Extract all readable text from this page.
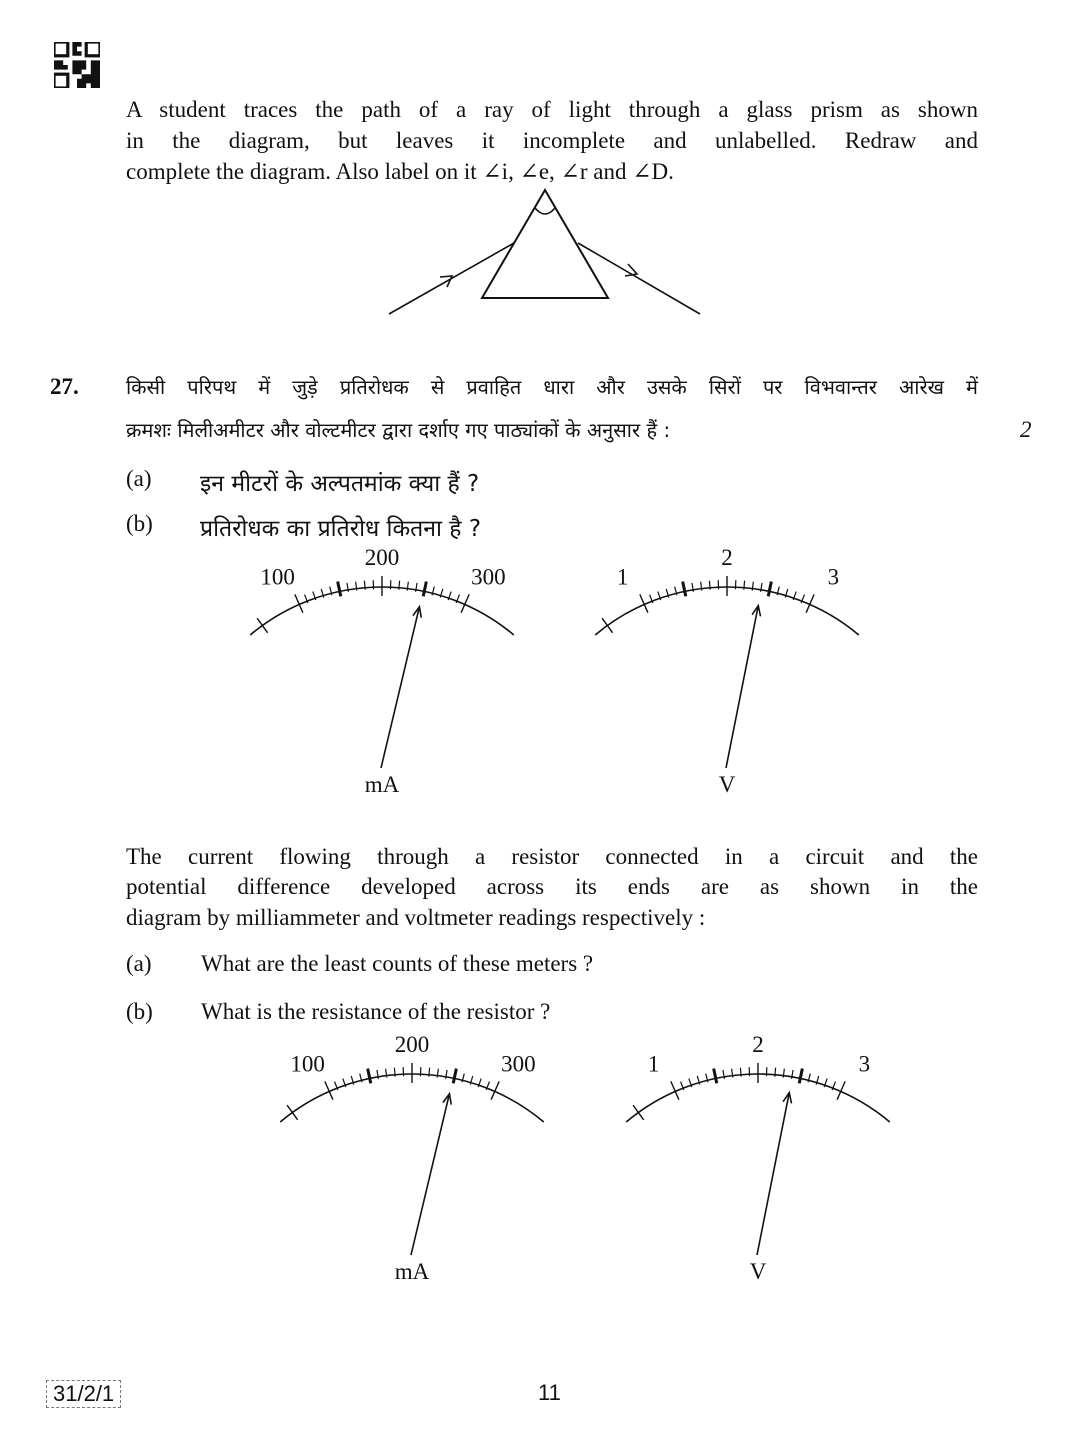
A student traces the path of a ray of light through a glass prism as shown
in the diagram, but leaves it incomplete and unlabelled. Redraw and
complete the diagram. Also label on it ∠i, ∠e, ∠r and ∠D.
27. किसी परिपथ में जुड़े प्रतिरोधक से प्रवाहित धारा और उसके सिरों पर विभवान्तर आरेख में
क्रमशः मिलीअमीटर और वोल्टमीटर द्वारा दर्शाए गए पाठ्यांकों के अनुसार हैं :	2
(a) इन मीटरों के अल्पतमांक क्या हैं ?
(b) प्रतिरोधक का प्रतिरोध कितना है ?
100
200
300
mA
1
2
3
V
The current flowing through a resistor connected in a circuit and the
potential difference developed across its ends are as shown in the
diagram by milliammeter and voltmeter readings respectively :
(a) What are the least counts of these meters ?
(b) What is the resistance of the resistor ?
100
200
300
mA
1
2
3
V
31/2/1	11
